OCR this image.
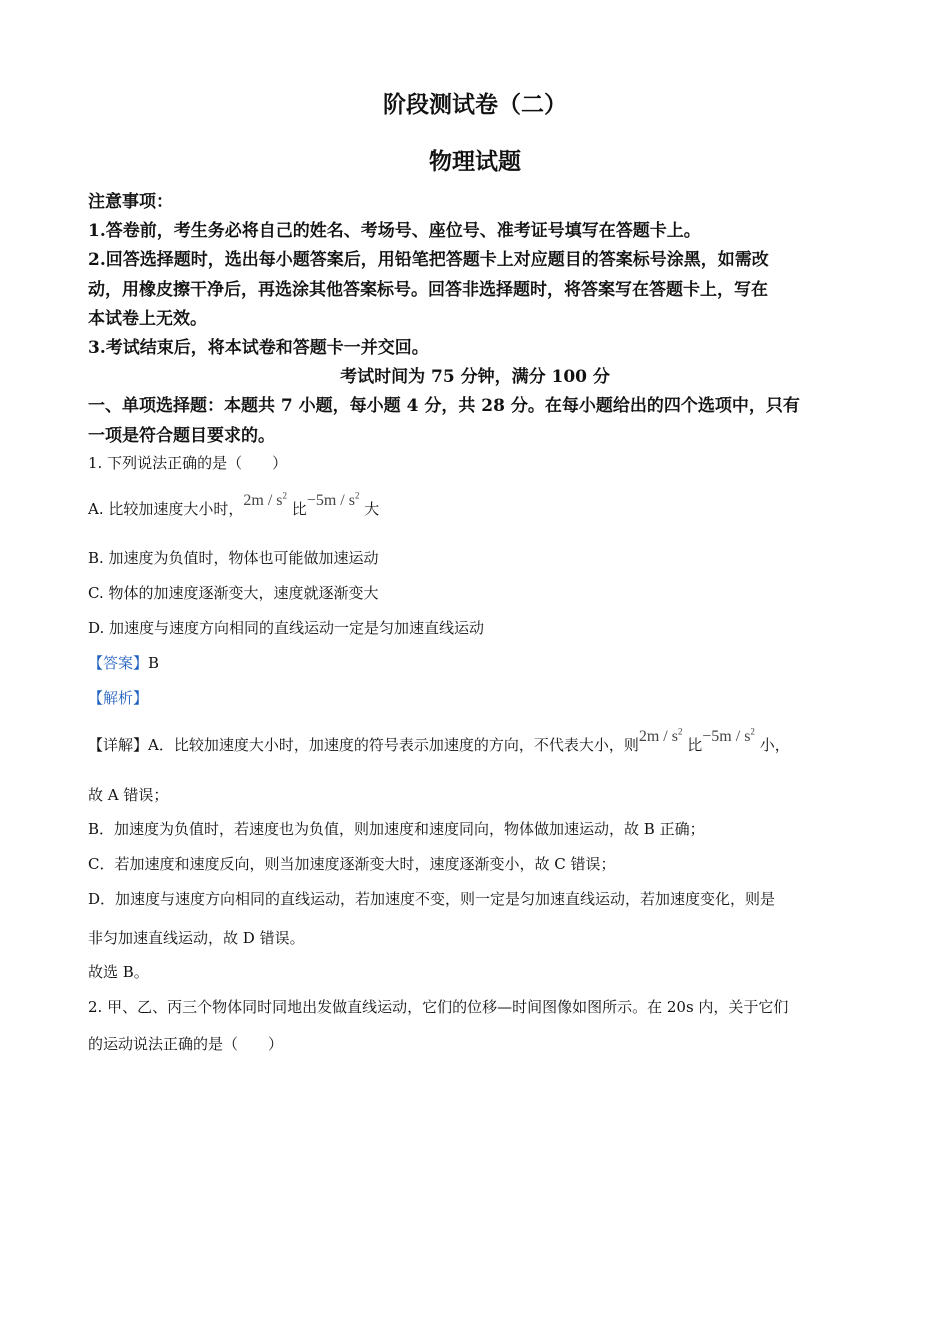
阶段测试卷（二）
物理试题
注意事项：
1.答卷前，考生务必将自己的姓名、考场号、座位号、准考证号填写在答题卡上。
2.回答选择题时，选出每小题答案后，用铅笔把答题卡上对应题目的答案标号涂黑，如需改
动，用橡皮擦干净后，再选涂其他答案标号。回答非选择题时，将答案写在答题卡上，写在
本试卷上无效。
3.考试结束后，将本试卷和答题卡一并交回。
考试时间为 75 分钟，满分 100 分
一、单项选择题：本题共 7 小题，每小题 4 分，共 28 分。在每小题给出的四个选项中，只有
一项是符合题目要求的。
1. 下列说法正确的是（　　）
A. 比较加速度大小时，$2m / s^2$ 比$-5m / s^2$ 大
B. 加速度为负值时，物体也可能做加速运动
C. 物体的加速度逐渐变大，速度就逐渐变大
D. 加速度与速度方向相同的直线运动一定是匀加速直线运动
【答案】B
【解析】
【详解】A．比较加速度大小时，加速度的符号表示加速度的方向，不代表大小，则$2m / s^2$ 比$-5m / s^2$ 小，
故 A 错误；
B．加速度为负值时，若速度也为负值，则加速度和速度同向，物体做加速运动，故 B 正确；
C．若加速度和速度反向，则当加速度逐渐变大时，速度逐渐变小，故 C 错误；
D．加速度与速度方向相同的直线运动，若加速度不变，则一定是匀加速直线运动，若加速度变化，则是
非匀加速直线运动，故 D 错误。
故选 B。
2. 甲、乙、丙三个物体同时同地出发做直线运动，它们的位移—时间图像如图所示。在 20s 内，关于它们
的运动说法正确的是（　　）
